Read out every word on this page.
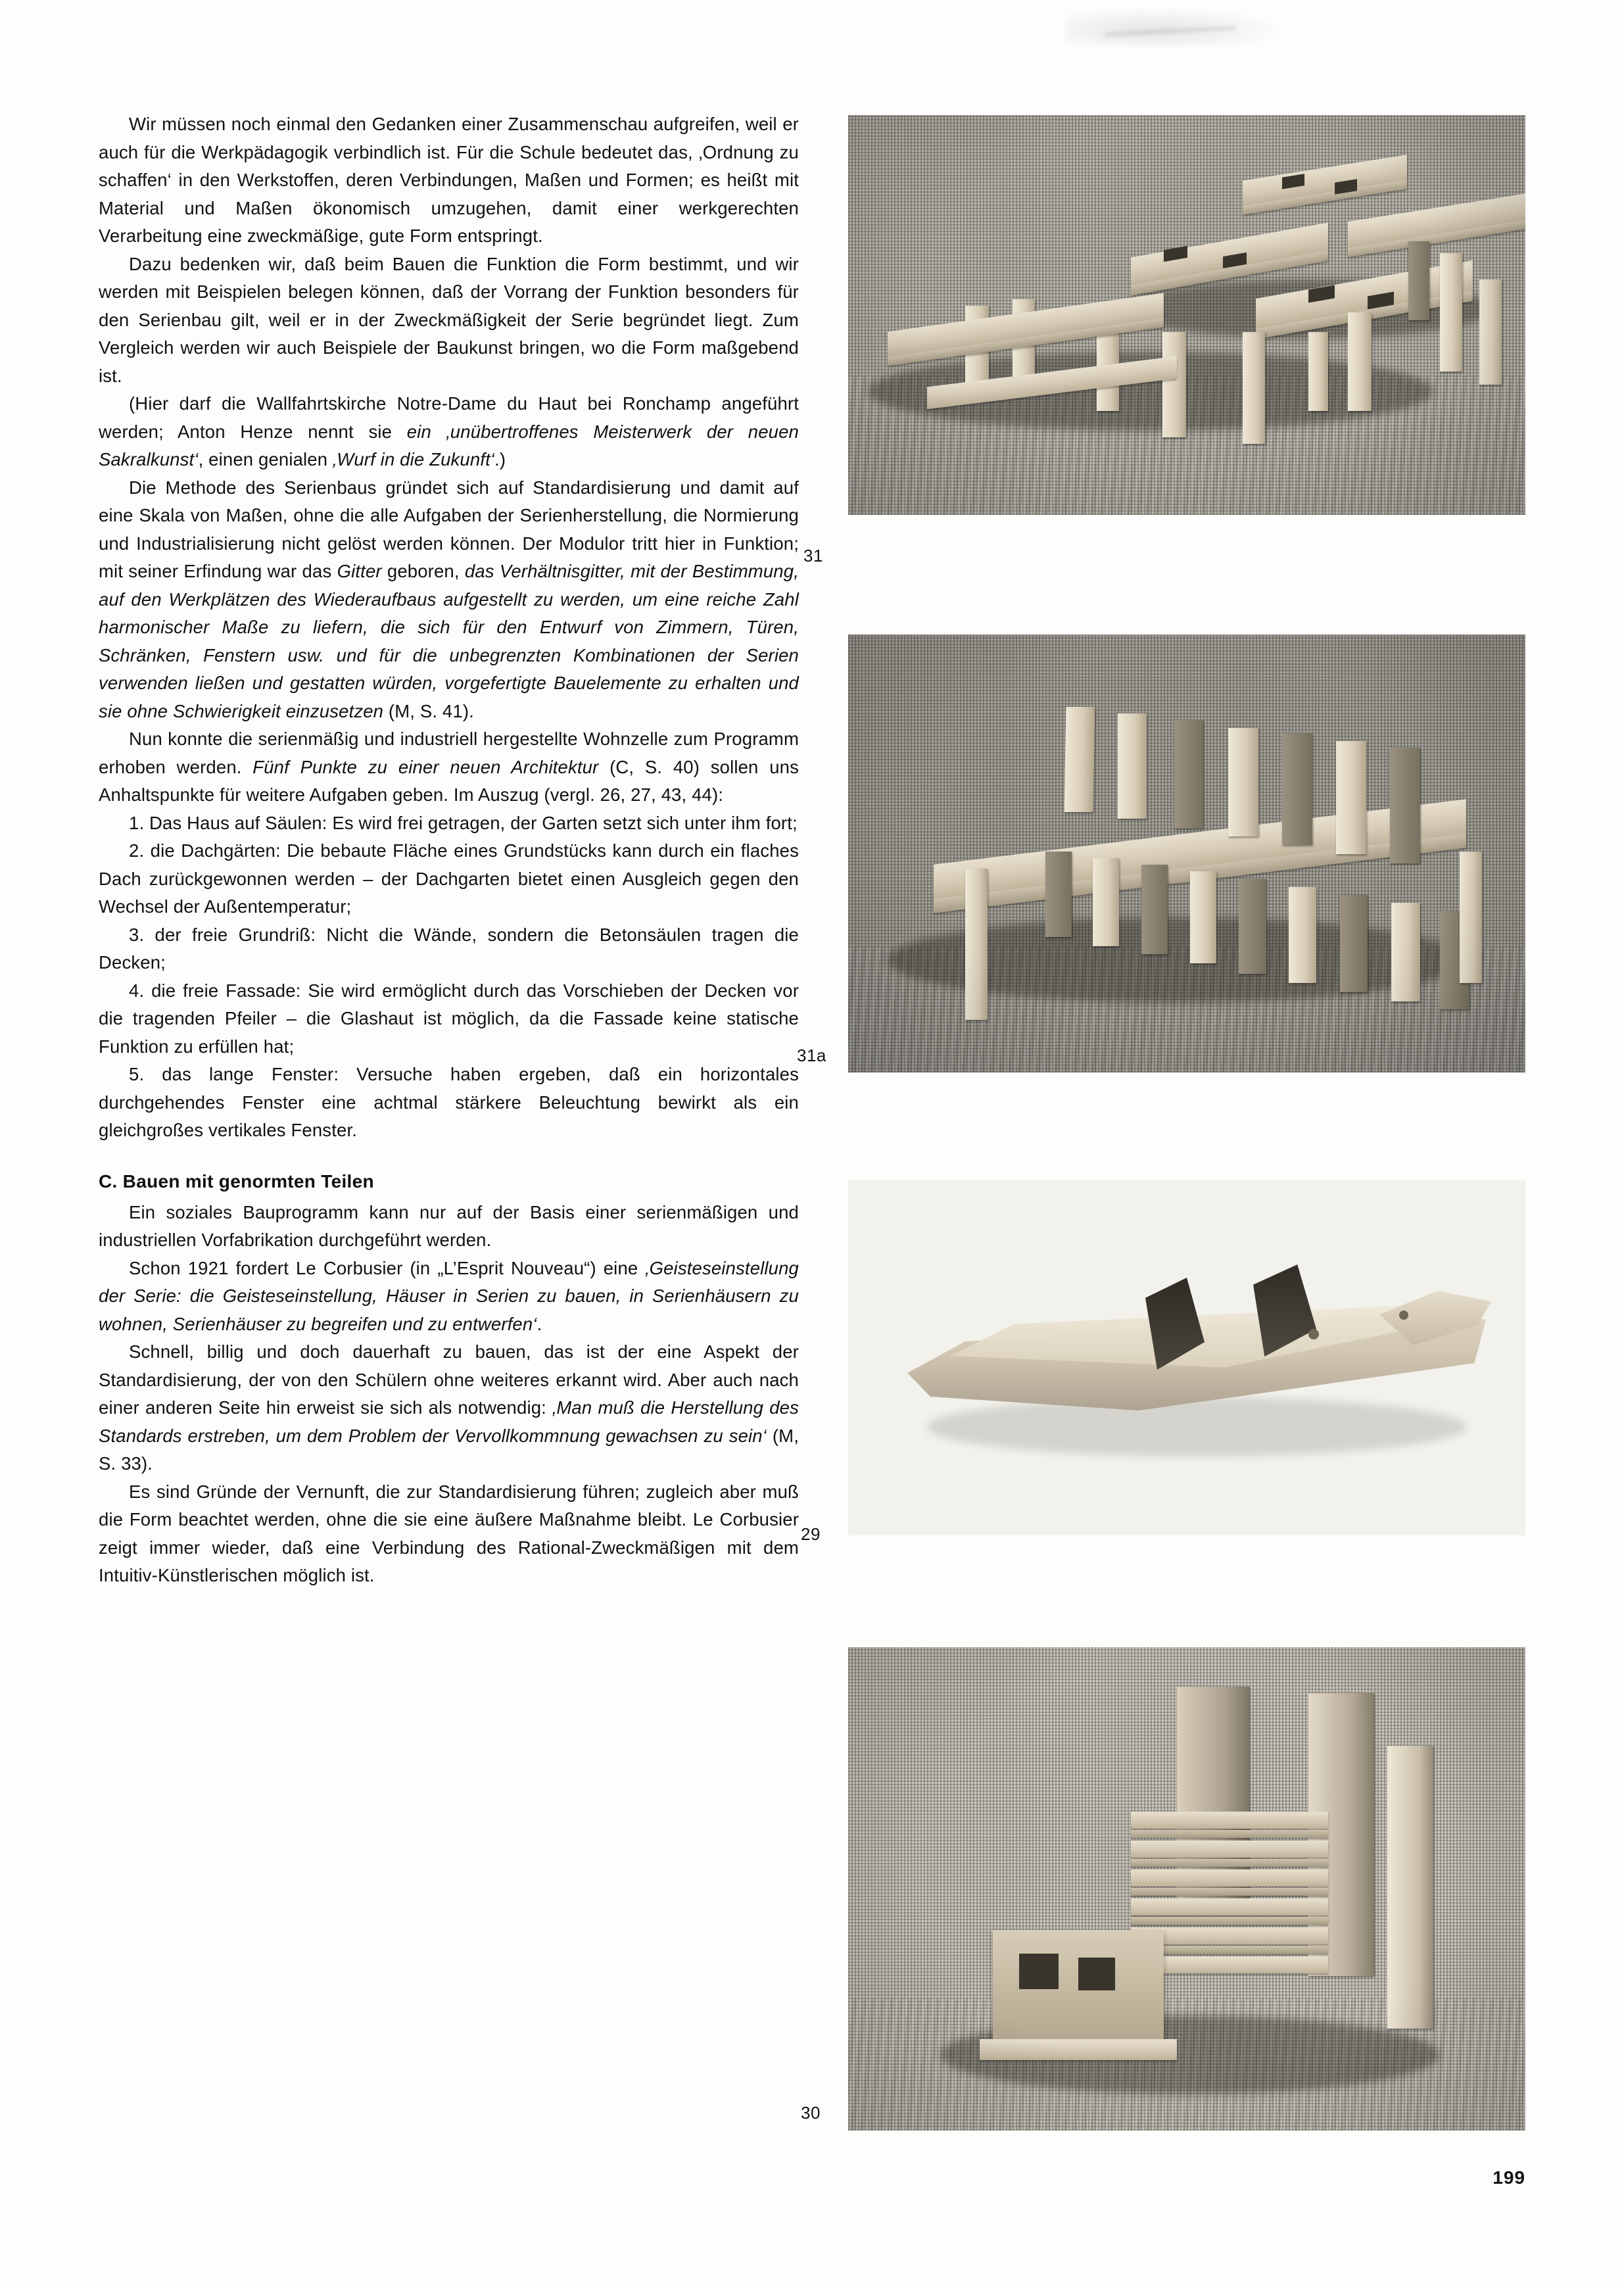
Wir müssen noch einmal den Gedanken einer Zusammenschau aufgreifen, weil er auch für die Werkpädagogik verbindlich ist. Für die Schule bedeutet das, ‚Ordnung zu schaffen‘ in den Werkstoffen, deren Verbindungen, Maßen und Formen; es heißt mit Material und Maßen ökonomisch umzugehen, damit einer werkgerechten Verarbeitung eine zweckmäßige, gute Form entspringt.

Dazu bedenken wir, daß beim Bauen die Funktion die Form bestimmt, und wir werden mit Beispielen belegen können, daß der Vorrang der Funktion besonders für den Serienbau gilt, weil er in der Zweckmäßigkeit der Serie begründet liegt. Zum Vergleich werden wir auch Beispiele der Baukunst bringen, wo die Form maßgebend ist.

(Hier darf die Wallfahrtskirche Notre-Dame du Haut bei Ronchamp angeführt werden; Anton Henze nennt sie ein ‚unübertroffenes Meisterwerk der neuen Sakralkunst‘, einen genialen ‚Wurf in die Zukunft‘.)

Die Methode des Serienbaus gründet sich auf Standardisierung und damit auf eine Skala von Maßen, ohne die alle Aufgaben der Serienherstellung, die Normierung und Industrialisierung nicht gelöst werden können. Der Modulor tritt hier in Funktion; mit seiner Erfindung war das Gitter geboren, das Verhältnisgitter, mit der Bestimmung, auf den Werkplätzen des Wiederaufbaus aufgestellt zu werden, um eine reiche Zahl harmonischer Maße zu liefern, die sich für den Entwurf von Zimmern, Türen, Schränken, Fenstern usw. und für die unbegrenzten Kombinationen der Serien verwenden ließen und gestatten würden, vorgefertigte Bauelemente zu erhalten und sie ohne Schwierigkeit einzusetzen (M, S. 41).

Nun konnte die serienmäßig und industriell hergestellte Wohnzelle zum Programm erhoben werden. Fünf Punkte zu einer neuen Architektur (C, S. 40) sollen uns Anhaltspunkte für weitere Aufgaben geben. Im Auszug (vergl. 26, 27, 43, 44):

1. Das Haus auf Säulen: Es wird frei getragen, der Garten setzt sich unter ihm fort;

2. die Dachgärten: Die bebaute Fläche eines Grundstücks kann durch ein flaches Dach zurückgewonnen werden – der Dachgarten bietet einen Ausgleich gegen den Wechsel der Außentemperatur;

3. der freie Grundriß: Nicht die Wände, sondern die Betonsäulen tragen die Decken;

4. die freie Fassade: Sie wird ermöglicht durch das Vorschieben der Decken vor die tragenden Pfeiler – die Glashaut ist möglich, da die Fassade keine statische Funktion zu erfüllen hat;

5. das lange Fenster: Versuche haben ergeben, daß ein horizontales durchgehendes Fenster eine achtmal stärkere Beleuchtung bewirkt als ein gleichgroßes vertikales Fenster.

C. Bauen mit genormten Teilen

Ein soziales Bauprogramm kann nur auf der Basis einer serienmäßigen und industriellen Vorfabrikation durchgeführt werden.

Schon 1921 fordert Le Corbusier (in „L’Esprit Nouveau“) eine ‚Geisteseinstellung der Serie: die Geisteseinstellung, Häuser in Serien zu bauen, in Serienhäusern zu wohnen, Serienhäuser zu begreifen und zu entwerfen‘.

Schnell, billig und doch dauerhaft zu bauen, das ist der eine Aspekt der Standardisierung, der von den Schülern ohne weiteres erkannt wird. Aber auch nach einer anderen Seite hin erweist sie sich als notwendig: ‚Man muß die Herstellung des Standards erstreben, um dem Problem der Vervollkommnung gewachsen zu sein‘ (M, S. 33).

Es sind Gründe der Vernunft, die zur Standardisierung führen; zugleich aber muß die Form beachtet werden, ohne die sie eine äußere Maßnahme bleibt. Le Corbusier zeigt immer wieder, daß eine Verbindung des Rational-Zweckmäßigen mit dem Intuitiv-Künstlerischen möglich ist.

31
31a
29
30
199
